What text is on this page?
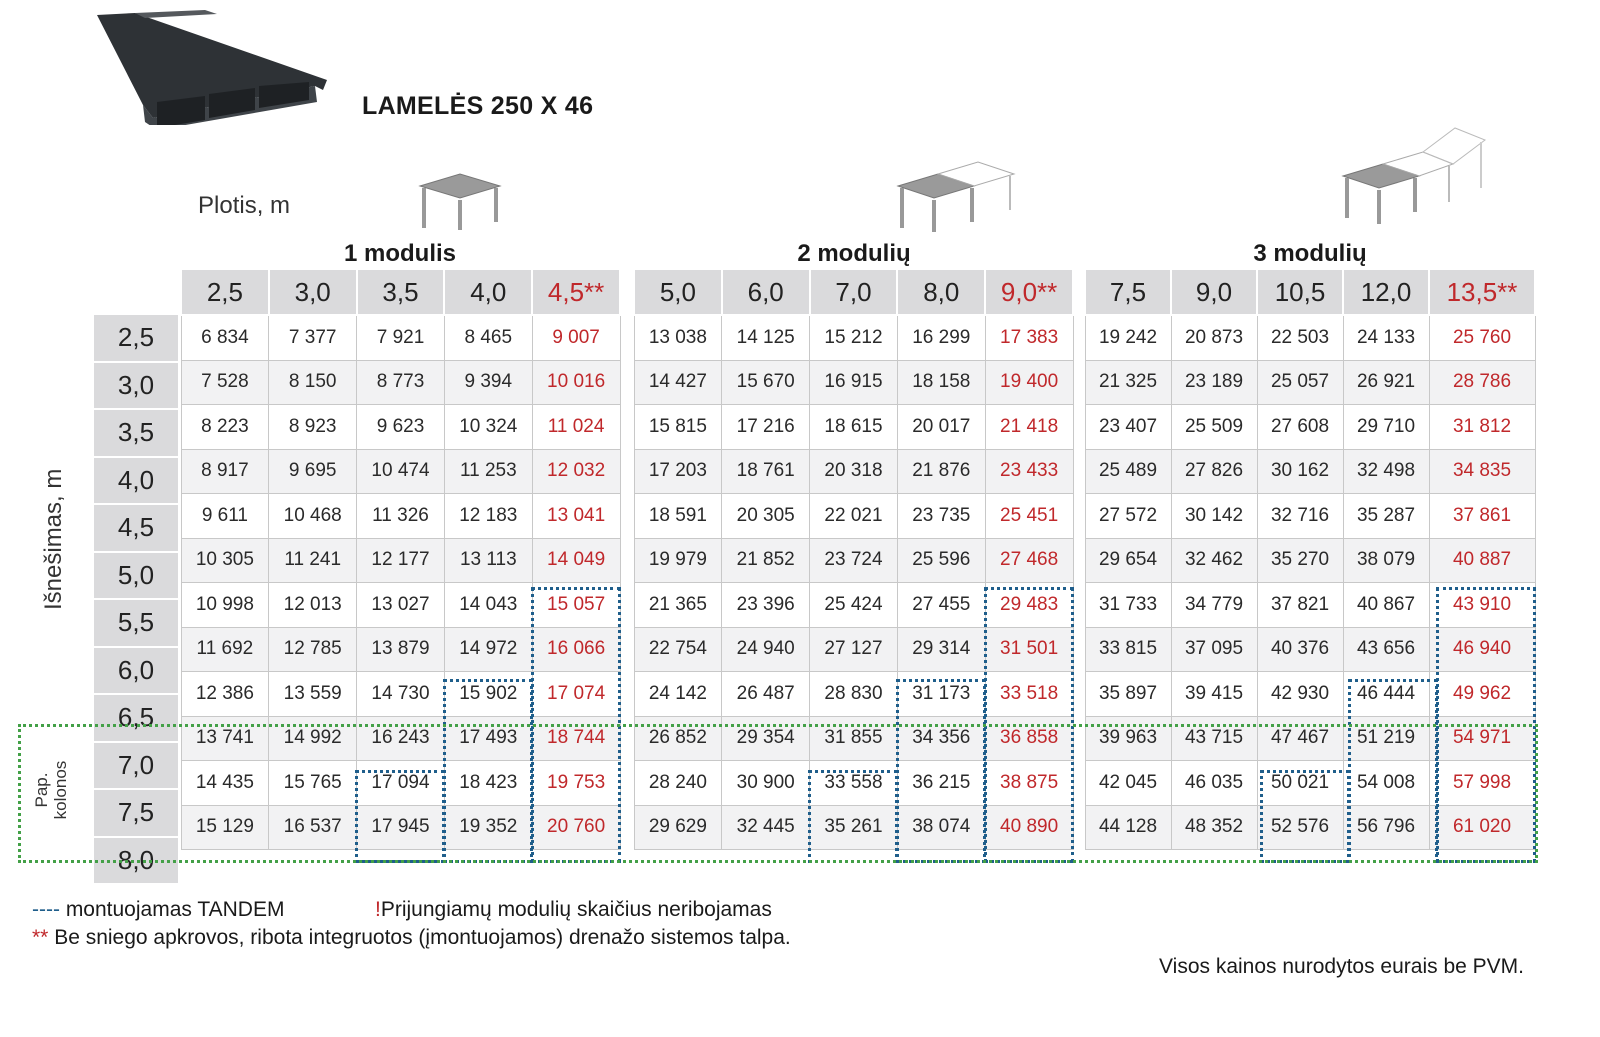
LAMELĖS 250 X 46
Plotis, m
1 modulis	2 modulių	3 modulių
Išnešimas, m
Pap. kolonos
2,5
3,0
3,5
4,0
4,5
5,0
5,5
6,0
6,5
7,0
7,5
8,0
2,5	3,0	3,5	4,0	4,5**
6 834	7 377	7 921	8 465	9 007
7 528	8 150	8 773	9 394	10 016
8 223	8 923	9 623	10 324	11 024
8 917	9 695	10 474	11 253	12 032
9 611	10 468	11 326	12 183	13 041
10 305	11 241	12 177	13 113	14 049
10 998	12 013	13 027	14 043	15 057
11 692	12 785	13 879	14 972	16 066
12 386	13 559	14 730	15 902	17 074
13 741	14 992	16 243	17 493	18 744
14 435	15 765	17 094	18 423	19 753
15 129	16 537	17 945	19 352	20 760
5,0	6,0	7,0	8,0	9,0**
13 038	14 125	15 212	16 299	17 383
14 427	15 670	16 915	18 158	19 400
15 815	17 216	18 615	20 017	21 418
17 203	18 761	20 318	21 876	23 433
18 591	20 305	22 021	23 735	25 451
19 979	21 852	23 724	25 596	27 468
21 365	23 396	25 424	27 455	29 483
22 754	24 940	27 127	29 314	31 501
24 142	26 487	28 830	31 173	33 518
26 852	29 354	31 855	34 356	36 858
28 240	30 900	33 558	36 215	38 875
29 629	32 445	35 261	38 074	40 890
7,5	9,0	10,5	12,0	13,5**
19 242	20 873	22 503	24 133	25 760
21 325	23 189	25 057	26 921	28 786
23 407	25 509	27 608	29 710	31 812
25 489	27 826	30 162	32 498	34 835
27 572	30 142	32 716	35 287	37 861
29 654	32 462	35 270	38 079	40 887
31 733	34 779	37 821	40 867	43 910
33 815	37 095	40 376	43 656	46 940
35 897	39 415	42 930	46 444	49 962
39 963	43 715	47 467	51 219	54 971
42 045	46 035	50 021	54 008	57 998
44 128	48 352	52 576	56 796	61 020
---- montuojamas TANDEM	!Prijungiamų modulių skaičius neribojamas
** Be sniego apkrovos, ribota integruotos (įmontuojamos) drenažo sistemos talpa.
Visos kainos nurodytos eurais be PVM.
